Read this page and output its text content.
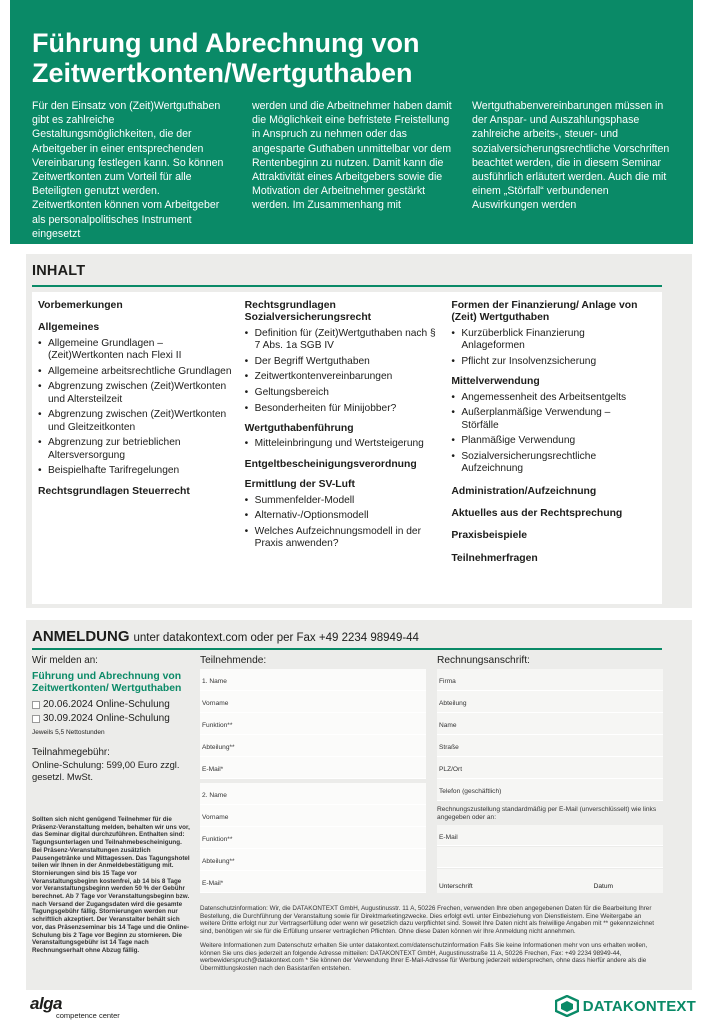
Führung und Abrechnung von Zeitwertkonten/Wertguthaben

Für den Einsatz von (Zeit)Wertguthaben gibt es zahlreiche Gestaltungsmöglichkeiten, die der Arbeitgeber in einer entsprechenden Vereinbarung festlegen kann. So können Zeitwertkonten zum Vorteil für alle Beteiligten genutzt werden. Zeitwertkonten können vom Arbeitgeber als personalpolitisches Instrument eingesetzt

werden und die Arbeitnehmer haben damit die Möglichkeit eine befristete Freistellung in Anspruch zu nehmen oder das angesparte Guthaben unmittelbar vor dem Rentenbeginn zu nutzen. Damit kann die Attraktivität eines Arbeitgebers sowie die Motivation der Arbeitnehmer gestärkt werden. Im Zusammenhang mit

Wertguthabenvereinbarungen müssen in der Anspar- und Auszahlungsphase zahlreiche arbeits-, steuer- und sozialversicherungsrechtliche Vorschriften beachtet werden, die in diesem Seminar ausführlich erläutert werden. Auch die mit einem „Störfall“ verbundenen Auswirkungen werden

INHALT
Vorbemerkungen
Allgemeines
• Allgemeine Grundlagen – (Zeit)Wertkonten nach Flexi II
• Allgemeine arbeitsrechtliche Grundlagen
• Abgrenzung zwischen (Zeit)Wertkonten und Altersteilzeit
• Abgrenzung zwischen (Zeit)Wertkonten und Gleitzeitkonten
• Abgrenzung zur betrieblichen Altersversorgung
• Beispielhafte Tarifregelungen
Rechtsgrundlagen Steuerrecht
Rechtsgrundlagen Sozialversicherungsrecht
• Definition für (Zeit)Wertguthaben nach § 7 Abs. 1a SGB IV
• Der Begriff Wertguthaben
• Zeitwertkontenvereinbarungen
• Geltungsbereich
• Besonderheiten für Minijobber?
Wertguthabenführung
• Mitteleinbringung und Wertsteigerung
Entgeltbescheinigungsverordnung
Ermittlung der SV-Luft
• Summenfelder-Modell
• Alternativ-/Optionsmodell
• Welches Aufzeichnungsmodell in der Praxis anwenden?
Formen der Finanzierung/ Anlage von (Zeit) Wertguthaben
• Kurzüberblick Finanzierung Anlageformen
• Pflicht zur Insolvenzsicherung
Mittelverwendung
• Angemessenheit des Arbeitsentgelts
• Außerplanmäßige Verwendung – Störfälle
• Planmäßige Verwendung
• Sozialversicherungsrechtliche Aufzeichnung
Administration/Aufzeichnung
Aktuelles aus der Rechtsprechung
Praxisbeispiele
Teilnehmerfragen
ANMELDUNG unter datakontext.com oder per Fax +49 2234 98949-44
Wir melden an:
Führung und Abrechnung von Zeitwertkonten/ Wertguthaben
20.06.2024 Online-Schulung
30.09.2024 Online-Schulung
Jeweils 5,5 Nettostunden
Teilnahmegebühr:
Online-Schulung: 599,00 Euro zzgl. gesetzl. MwSt.
Sollten sich nicht genügend Teilnehmer für die Präsenz-Veranstaltung melden, behalten wir uns vor, das Seminar digital durchzuführen. Enthalten sind: Tagungsunterlagen und Teilnahmebescheinigung. Bei Präsenz-Veranstaltungen zusätzlich Pausengetränke und Mittagessen. Das Tagungshotel teilen wir Ihnen in der Anmeldebestätigung mit. Stornierungen sind bis 15 Tage vor Veranstaltungsbeginn kostenfrei, ab 14 bis 8 Tage vor Veranstaltungsbeginn werden 50 % der Gebühr berechnet. Ab 7 Tage vor Veranstaltungsbeginn bzw. nach Versand der Zugangsdaten wird die gesamte Tagungsgebühr fällig. Stornierungen werden nur schriftlich akzeptiert. Der Veranstalter behält sich vor, das Präsenzseminar bis 14 Tage und die Online-Schulung bis 2 Tage vor Beginn zu stornieren. Die Veranstaltungsgebühr ist 14 Tage nach Rechnungserhalt ohne Abzug fällig.
Teilnehmende:
1. Name
Vorname
Funktion**
Abteilung**
E-Mail*
2. Name
Vorname
Funktion**
Abteilung**
E-Mail*
Rechnungsanschrift:
Firma
Abteilung
Name
Straße
PLZ/Ort
Telefon (geschäftlich)
Rechnungszustellung standardmäßig per E-Mail (unverschlüsselt) wie links angegeben oder an:
E-Mail
Unterschrift	Datum

Datenschutzinformation: Wir, die DATAKONTEXT GmbH, Augustinusstr. 11 A, 50226 Frechen, verwenden Ihre oben angegebenen Daten für die Bearbeitung Ihrer Bestellung, die Durchführung der Veranstaltung sowie für Direktmarketingzwecke. Dies erfolgt evtl. unter Einbeziehung von Dienstleistern. Eine Weitergabe an weitere Dritte erfolgt nur zur Vertragserfüllung oder wenn wir gesetzlich dazu verpflichtet sind. Soweit Ihre Daten nicht als freiwillige Angaben mit ** gekennzeichnet sind, benötigen wir sie für die Erfüllung unserer vertraglichen Pflichten. Ohne diese Daten können wir Ihre Anmeldung nicht annehmen.

Weitere Informationen zum Datenschutz erhalten Sie unter datakontext.com/datenschutzinformation Falls Sie keine Informationen mehr von uns erhalten wollen, können Sie uns dies jederzeit an folgende Adresse mitteilen: DATAKONTEXT GmbH, Augustinusstraße 11 A, 50226 Frechen, Fax: +49 2234 98949-44, werbewiderspruch@datakontext.com * Sie können der Verwendung Ihrer E-Mail-Adresse für Werbung jederzeit widersprechen, ohne dass hierfür andere als die Übermittlungskosten nach den Basistarifen entstehen.

alga
competence center
DATAKONTEXT
